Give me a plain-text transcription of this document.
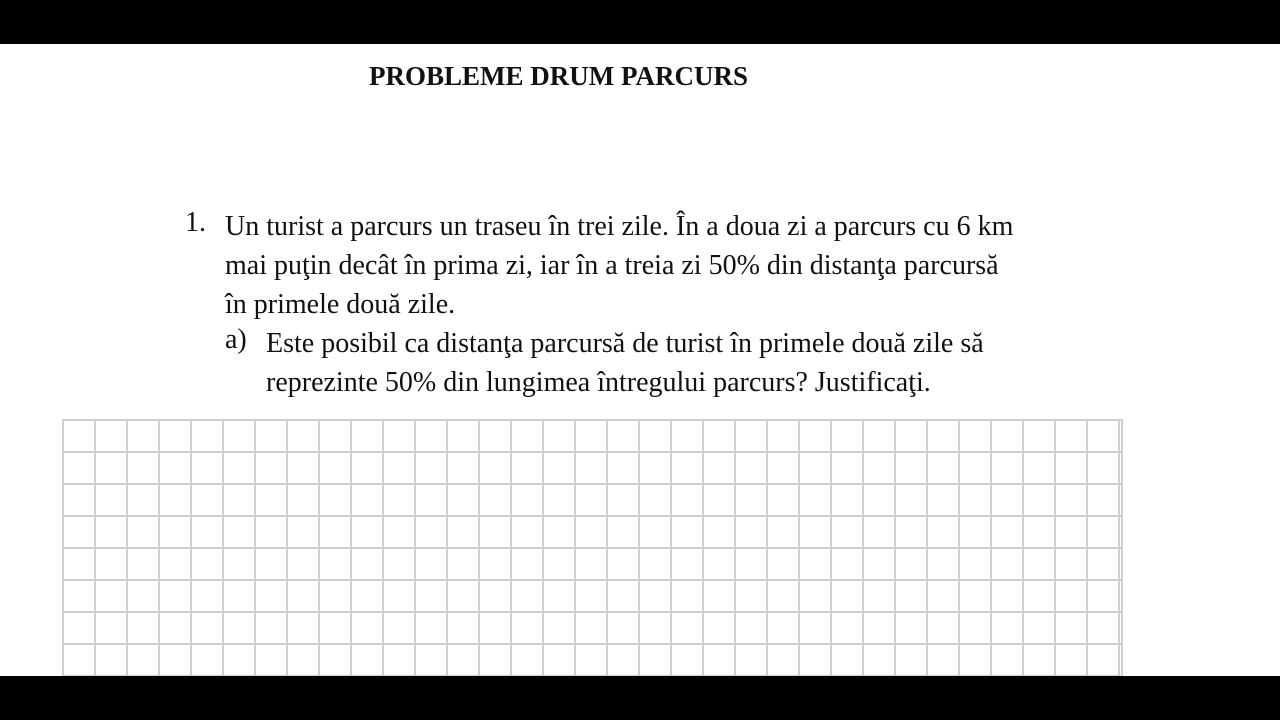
PROBLEME DRUM PARCURS
1. Un turist a parcurs un traseu în trei zile. În a doua zi a parcurs cu 6 km
mai puţin decât în prima zi, iar în a treia zi 50% din distanţa parcursă
în primele două zile.

a) Este posibil ca distanţa parcursă de turist în primele două zile să
reprezinte 50% din lungimea întregului parcurs? Justificaţi.
